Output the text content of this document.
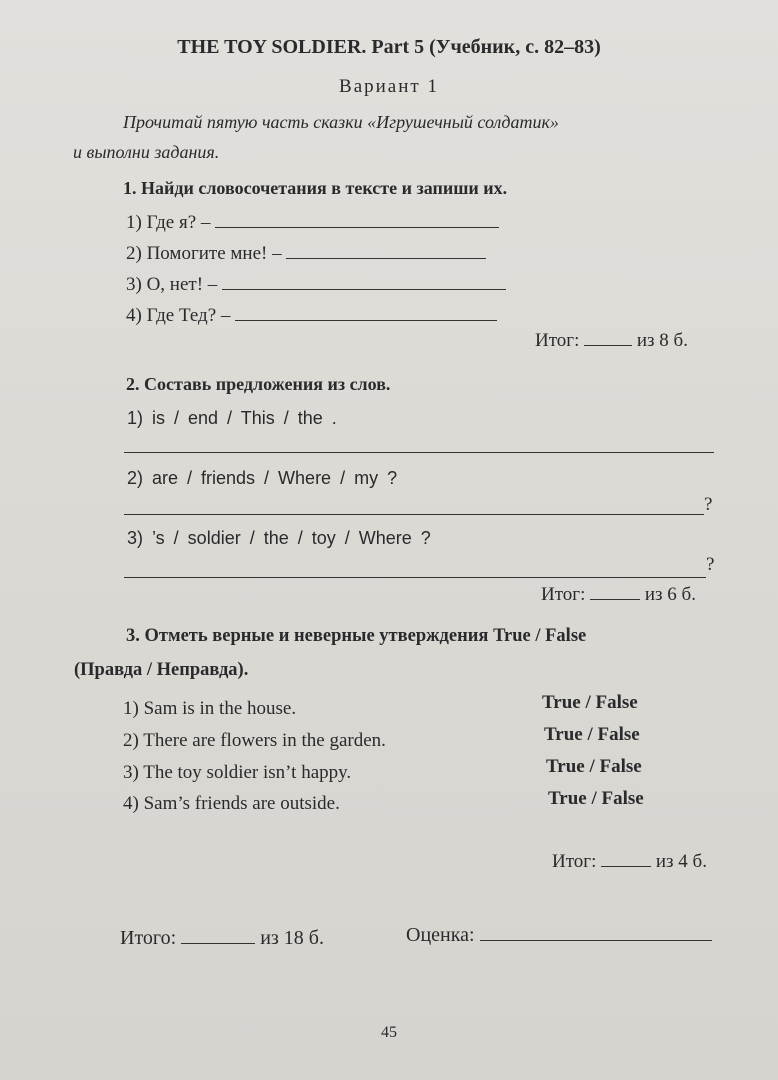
THE TOY SOLDIER. Part 5 (Учебник, с. 82–83)
Вариант 1
Прочитай пятую часть сказки «Игрушечный солдатик»
и выполни задания.
1. Найди словосочетания в тексте и запиши их.
1) Где я? –
2) Помогите мне! –
3) О, нет! –
4) Где Тед? –
Итог:	из 8 б.
2. Составь предложения из слов.
1) is / end / This / the .
2) are / friends / Where / my ?
?
3) ’s / soldier / the / toy / Where ?
?
Итог:	из 6 б.
3. Отметь верные и неверные утверждения True / False
(Правда / Неправда).
1) Sam is in the house.	True / False
2) There are flowers in the garden.	True / False
3) The toy soldier isn’t happy.	True / False
4) Sam’s friends are outside.	True / False
Итог:	из 4 б.
Итого:	из 18 б.	Оценка:
45
